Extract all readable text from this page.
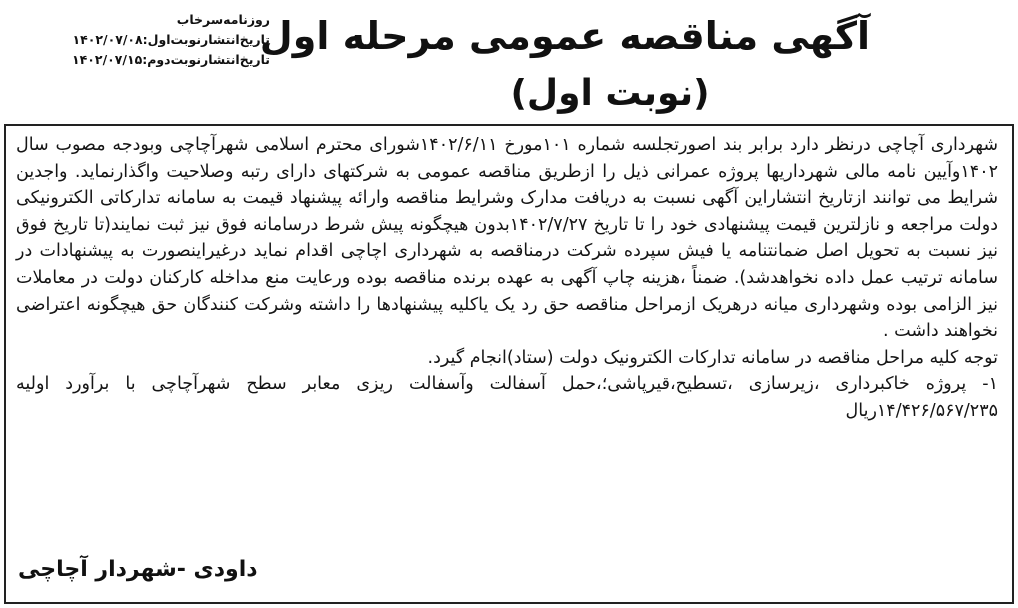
آگهی مناقصه عمومی مرحله اول
(نوبت اول)
روزنامه‌سرخاب
تاریخ‌انتشارنوبت‌اول:۱۴۰۲/۰۷/۰۸
تاریخ‌انتشارنوبت‌دوم:۱۴۰۲/۰۷/۱۵

شهرداری آچاچی درنظر دارد برابر بند اصورتجلسه شماره ۱۰۱مورخ ۱۴۰۲/۶/۱۱شورای محترم اسلامی شهرآچاچی وبودجه مصوب سال ۱۴۰۲وآیین نامه مالی شهرداریها پروژه عمرانی ذیل را ازطریق مناقصه عمومی به شرکتهای دارای رتبه وصلاحیت واگذارنماید. واجدین شرایط می توانند ازتاریخ انتشاراین آگهی نسبت به دریافت مدارک وشرایط مناقصه وارائه پیشنهاد قیمت به سامانه تدارکاتی الکترونیکی دولت مراجعه و نازلترین قیمت پیشنهادی خود را تا تاریخ ۱۴۰۲/۷/۲۷بدون هیچگونه پیش شرط درسامانه فوق نیز ثبت نمایند(تا تاریخ فوق نیز نسبت به تحویل اصل ضمانتنامه یا فیش سپرده شرکت درمناقصه به شهرداری اچاچی اقدام نماید درغیراینصورت به پیشنهادات در سامانه ترتیب عمل داده نخواهدشد). ضمناً ،هزینه چاپ آگهی به عهده برنده مناقصه بوده ورعایت منع مداخله کارکنان دولت در معاملات نیز الزامی بوده وشهرداری میانه درهریک ازمراحل مناقصه حق رد یک یاکلیه پیشنهادها را داشته وشرکت کنندگان حق هیچگونه اعتراضی نخواهند داشت .

توجه کلیه مراحل مناقصه در سامانه تدارکات الکترونیک دولت (ستاد)انجام گیرد.

۱- پروژه خاکبرداری ،زیرسازی ،تسطیح،قیرپاشی؛،حمل آسفالت وآسفالت ریزی معابر سطح شهرآچاچی با برآورد اولیه ۱۴/۴۲۶/۵۶۷/۲۳۵ریال

داودی -شهردار آچاچی
